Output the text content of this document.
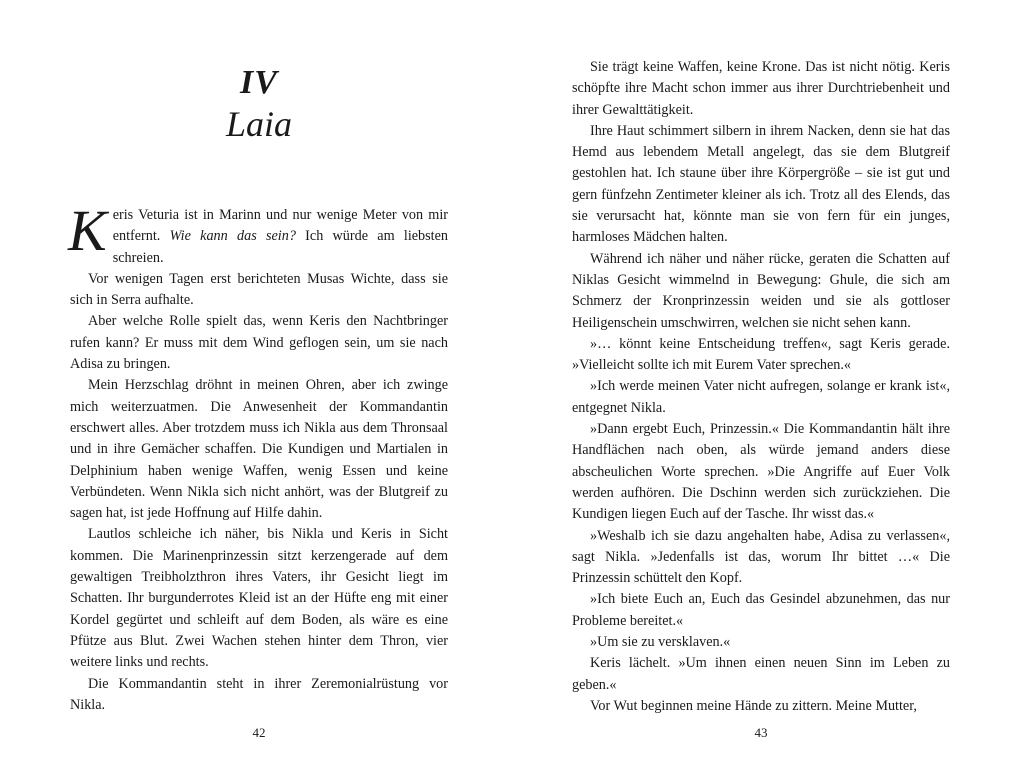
IV
Laia

Keris Veturia ist in Marinn und nur wenige Meter von mir entfernt. Wie kann das sein? Ich würde am liebsten schreien.

Vor wenigen Tagen erst berichteten Musas Wichte, dass sie sich in Serra aufhalte.

Aber welche Rolle spielt das, wenn Keris den Nachtbringer rufen kann? Er muss mit dem Wind geflogen sein, um sie nach Adisa zu bringen.

Mein Herzschlag dröhnt in meinen Ohren, aber ich zwinge mich weiterzuatmen. Die Anwesenheit der Kommandantin erschwert alles. Aber trotzdem muss ich Nikla aus dem Thronsaal und in ihre Gemächer schaffen. Die Kundigen und Martialen in Delphinium haben wenige Waffen, wenig Essen und keine Verbündeten. Wenn Nikla sich nicht anhört, was der Blutgreif zu sagen hat, ist jede Hoffnung auf Hilfe dahin.

Lautlos schleiche ich näher, bis Nikla und Keris in Sicht kommen. Die Marinenprinzessin sitzt kerzengerade auf dem gewaltigen Treibholzthron ihres Vaters, ihr Gesicht liegt im Schatten. Ihr burgunderrotes Kleid ist an der Hüfte eng mit einer Kordel gegürtet und schleift auf dem Boden, als wäre es eine Pfütze aus Blut. Zwei Wachen stehen hinter dem Thron, vier weitere links und rechts.

Die Kommandantin steht in ihrer Zeremonialrüstung vor Nikla.

42

Sie trägt keine Waffen, keine Krone. Das ist nicht nötig. Keris schöpfte ihre Macht schon immer aus ihrer Durchtriebenheit und ihrer Gewalttätigkeit.

Ihre Haut schimmert silbern in ihrem Nacken, denn sie hat das Hemd aus lebendem Metall angelegt, das sie dem Blutgreif gestohlen hat. Ich staune über ihre Körpergröße – sie ist gut und gern fünfzehn Zentimeter kleiner als ich. Trotz all des Elends, das sie verursacht hat, könnte man sie von fern für ein junges, harmloses Mädchen halten.

Während ich näher und näher rücke, geraten die Schatten auf Niklas Gesicht wimmelnd in Bewegung: Ghule, die sich am Schmerz der Kronprinzessin weiden und sie als gottloser Heiligenschein umschwirren, welchen sie nicht sehen kann.

»… könnt keine Entscheidung treffen«, sagt Keris gerade. »Vielleicht sollte ich mit Eurem Vater sprechen.«

»Ich werde meinen Vater nicht aufregen, solange er krank ist«, entgegnet Nikla.

»Dann ergebt Euch, Prinzessin.« Die Kommandantin hält ihre Handflächen nach oben, als würde jemand anders diese abscheulichen Worte sprechen. »Die Angriffe auf Euer Volk werden aufhören. Die Dschinn werden sich zurückziehen. Die Kundigen liegen Euch auf der Tasche. Ihr wisst das.«

»Weshalb ich sie dazu angehalten habe, Adisa zu verlassen«, sagt Nikla. »Jedenfalls ist das, worum Ihr bittet …« Die Prinzessin schüttelt den Kopf.

»Ich biete Euch an, Euch das Gesindel abzunehmen, das nur Probleme bereitet.«

»Um sie zu versklaven.«

Keris lächelt. »Um ihnen einen neuen Sinn im Leben zu geben.«

Vor Wut beginnen meine Hände zu zittern. Meine Mutter,

43
